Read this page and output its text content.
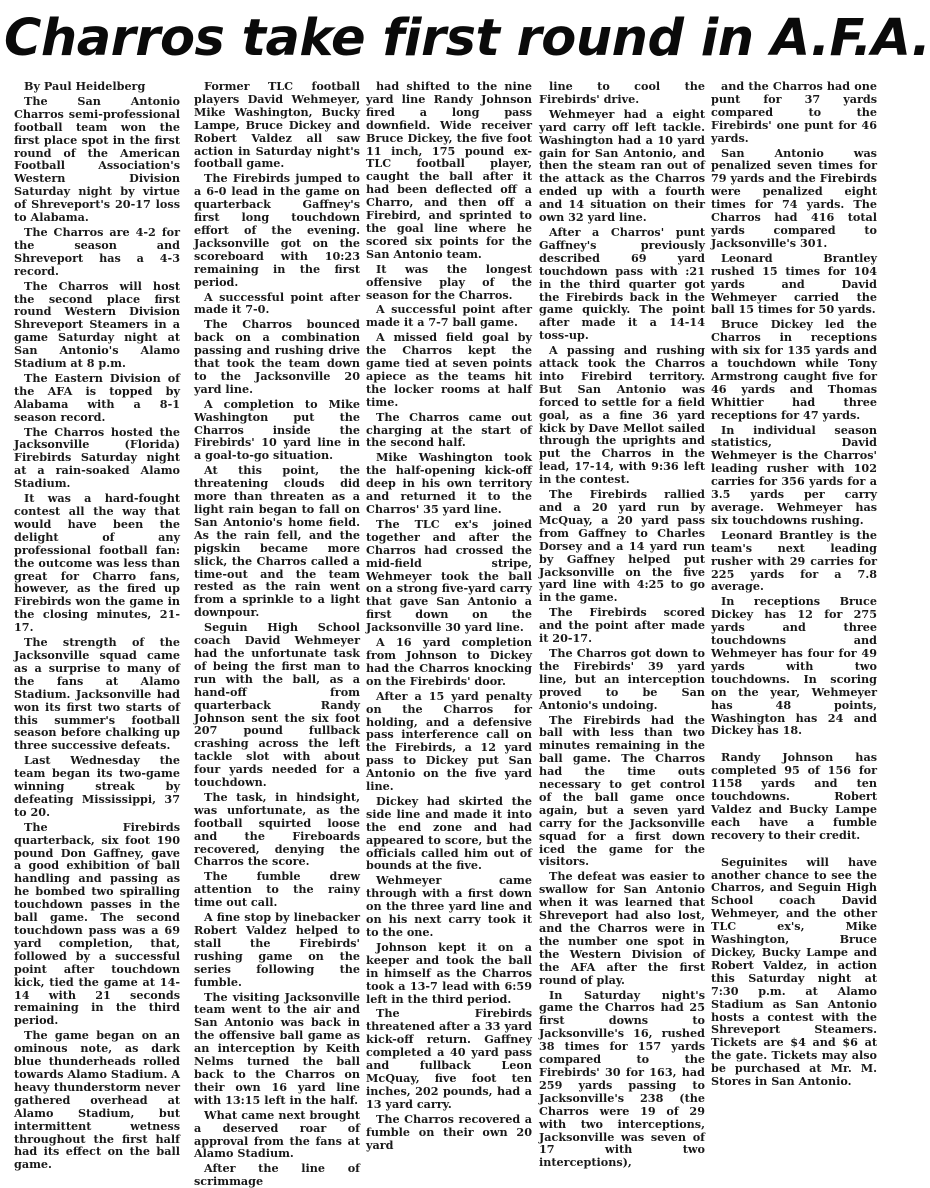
Charros take first round in A.F.A.

By Paul Heidelberg

The San Antonio Charros semi-professional football team won the first place spot in the first round of the American Football Association's Western Division Saturday night by virtue of Shreveport's 20-17 loss to Alabama.

The Charros are 4-2 for the season and Shreveport has a 4-3 record.

The Charros will host the second place first round Western Division Shreveport Steamers in a game Saturday night at San Antonio's Alamo Stadium at 8 p.m.

The Eastern Division of the AFA is topped by Alabama with a 8-1 season record.

The Charros hosted the Jacksonville (Florida) Firebirds Saturday night at a rain-soaked Alamo Stadium.

It was a hard-fought contest all the way that would have been the delight of any professional football fan: the outcome was less than great for Charro fans, however, as the fired up Firebirds won the game in the closing minutes, 21-17.

The strength of the Jacksonville squad came as a surprise to many of the fans at Alamo Stadium. Jacksonville had won its first two starts of this summer's football season before chalking up three successive defeats.

Last Wednesday the team began its two-game winning streak by defeating Mississippi, 37 to 20.

The Firebirds quarterback, six foot 190 pound Don Gaffney, gave a good exhibition of ball handling and passing as he bombed two spiralling touchdown passes in the ball game. The second touchdown pass was a 69 yard completion, that, followed by a successful point after touchdown kick, tied the game at 14-14 with 21 seconds remaining in the third period.

The game began on an ominous note, as dark blue thunderheads rolled towards Alamo Stadium. A heavy thunderstorm never gathered overhead at Alamo Stadium, but intermittent wetness throughout the first half had its effect on the ball game.

Former TLC football players David Wehmeyer, Mike Washington, Bucky Lampe, Bruce Dickey and Robert Valdez all saw action in Saturday night's football game.

The Firebirds jumped to a 6-0 lead in the game on quarterback Gaffney's first long touchdown effort of the evening. Jacksonville got on the scoreboard with 10:23 remaining in the first period.

A successful point after made it 7-0.

The Charros bounced back on a combination passing and rushing drive that took the team down to the Jacksonville 20 yard line.

A completion to Mike Washington put the Charros inside the Firebirds' 10 yard line in a goal-to-go situation.

At this point, the threatening clouds did more than threaten as a light rain began to fall on San Antonio's home field. As the rain fell, and the pigskin became more slick, the Charros called a time-out and the team rested as the rain went from a sprinkle to a light downpour.

Seguin High School coach David Wehmeyer had the unfortunate task of being the first man to run with the ball, as a hand-off from quarterback Randy Johnson sent the six foot 207 pound fullback crashing across the left tackle slot with about four yards needed for a touchdown.

The task, in hindsight, was unfortunate, as the football squirted loose and the Fireboards recovered, denying the Charros the score.

The fumble drew attention to the rainy time out call.

A fine stop by linebacker Robert Valdez helped to stall the Firebirds' rushing game on the series following the fumble.

The visiting Jacksonville team went to the air and San Antonio was back in the offensive ball game as an interception by Keith Nelms turned the ball back to the Charros on their own 16 yard line with 13:15 left in the half.

What came next brought a deserved roar of approval from the fans at Alamo Stadium.

After the line of scrimmage

had shifted to the nine yard line Randy Johnson fired a long pass downfield. Wide receiver Bruce Dickey, the five foot 11 inch, 175 pound ex-TLC football player, caught the ball after it had been deflected off a Charro, and then off a Firebird, and sprinted to the goal line where he scored six points for the San Antonio team.

It was the longest offensive play of the season for the Charros.

A successful point after made it a 7-7 ball game.

A missed field goal by the Charros kept the game tied at seven points apiece as the teams hit the locker rooms at half time.

The Charros came out charging at the start of the second half.

Mike Washington took the half-opening kick-off deep in his own territory and returned it to the Charros' 35 yard line.

The TLC ex's joined together and after the Charros had crossed the mid-field stripe, Wehmeyer took the ball on a strong five-yard carry that gave San Antonio a first down on the Jacksonville 30 yard line.

A 16 yard completion from Johnson to Dickey had the Charros knocking on the Firebirds' door.

After a 15 yard penalty on the Charros for holding, and a defensive pass interference call on the Firebirds, a 12 yard pass to Dickey put San Antonio on the five yard line.

Dickey had skirted the side line and made it into the end zone and had appeared to score, but the officials called him out of bounds at the five.

Wehmeyer came through with a first down on the three yard line and on his next carry took it to the one.

Johnson kept it on a keeper and took the ball in himself as the Charros took a 13-7 lead with 6:59 left in the third period.

The Firebirds threatened after a 33 yard kick-off return. Gaffney completed a 40 yard pass and fullback Leon McQuay, five foot ten inches, 202 pounds, had a 13 yard carry.

The Charros recovered a fumble on their own 20 yard

line to cool the Firebirds' drive.

Wehmeyer had a eight yard carry off left tackle. Washington had a 10 yard gain for San Antonio, and then the steam ran out of the attack as the Charros ended up with a fourth and 14 situation on their own 32 yard line.

After a Charros' punt Gaffney's previously described 69 yard touchdown pass with :21 in the third quarter got the Firebirds back in the game quickly. The point after made it a 14-14 toss-up.

A passing and rushing attack took the Charros into Firebird territory. But San Antonio was forced to settle for a field goal, as a fine 36 yard kick by Dave Mellot sailed through the uprights and put the Charros in the lead, 17-14, with 9:36 left in the contest.

The Firebirds rallied and a 20 yard run by McQuay, a 20 yard pass from Gaffney to Charles Dorsey and a 14 yard run by Gaffney helped put Jacksonville on the five yard line with 4:25 to go in the game.

The Firebirds scored and the point after made it 20-17.

The Charros got down to the Firebirds' 39 yard line, but an interception proved to be San Antonio's undoing.

The Firebirds had the ball with less than two minutes remaining in the ball game. The Charros had the time outs necessary to get control of the ball game once again, but a seven yard carry for the Jacksonville squad for a first down iced the game for the visitors.

The defeat was easier to swallow for San Antonio when it was learned that Shreveport had also lost, and the Charros were in the number one spot in the Western Division of the AFA after the first round of play.

In Saturday night's game the Charros had 25 first downs to Jacksonville's 16, rushed 38 times for 157 yards compared to the Firebirds' 30 for 163, had 259 yards passing to Jacksonville's 238 (the Charros were 19 of 29 with two interceptions, Jacksonville was seven of 17 with two interceptions),

and the Charros had one punt for 37 yards compared to the Firebirds' one punt for 46 yards.

San Antonio was penalized seven times for 79 yards and the Firebirds were penalized eight times for 74 yards. The Charros had 416 total yards compared to Jacksonville's 301.

Leonard Brantley rushed 15 times for 104 yards and David Wehmeyer carried the ball 15 times for 50 yards.

Bruce Dickey led the Charros in receptions with six for 135 yards and a touchdown while Tony Armstrong caught five for 46 yards and Thomas Whittier had three receptions for 47 yards.

In individual season statistics, David Wehmeyer is the Charros' leading rusher with 102 carries for 356 yards for a 3.5 yards per carry average. Wehmeyer has six touchdowns rushing.

Leonard Brantley is the team's next leading rusher with 29 carries for 225 yards for a 7.8 average.

In receptions Bruce Dickey has 12 for 275 yards and three touchdowns and Wehmeyer has four for 49 yards with two touchdowns. In scoring on the year, Wehmeyer has 48 points, Washington has 24 and Dickey has 18.

Randy Johnson has completed 95 of 156 for 1158 yards and ten touchdowns. Robert Valdez and Bucky Lampe each have a fumble recovery to their credit.

Seguinites will have another chance to see the Charros, and Seguin High School coach David Wehmeyer, and the other TLC ex's, Mike Washington, Bruce Dickey, Bucky Lampe and Robert Valdez, in action this Saturday night at 7:30 p.m. at Alamo Stadium as San Antonio hosts a contest with the Shreveport Steamers. Tickets are $4 and $6 at the gate. Tickets may also be purchased at Mr. M. Stores in San Antonio.
